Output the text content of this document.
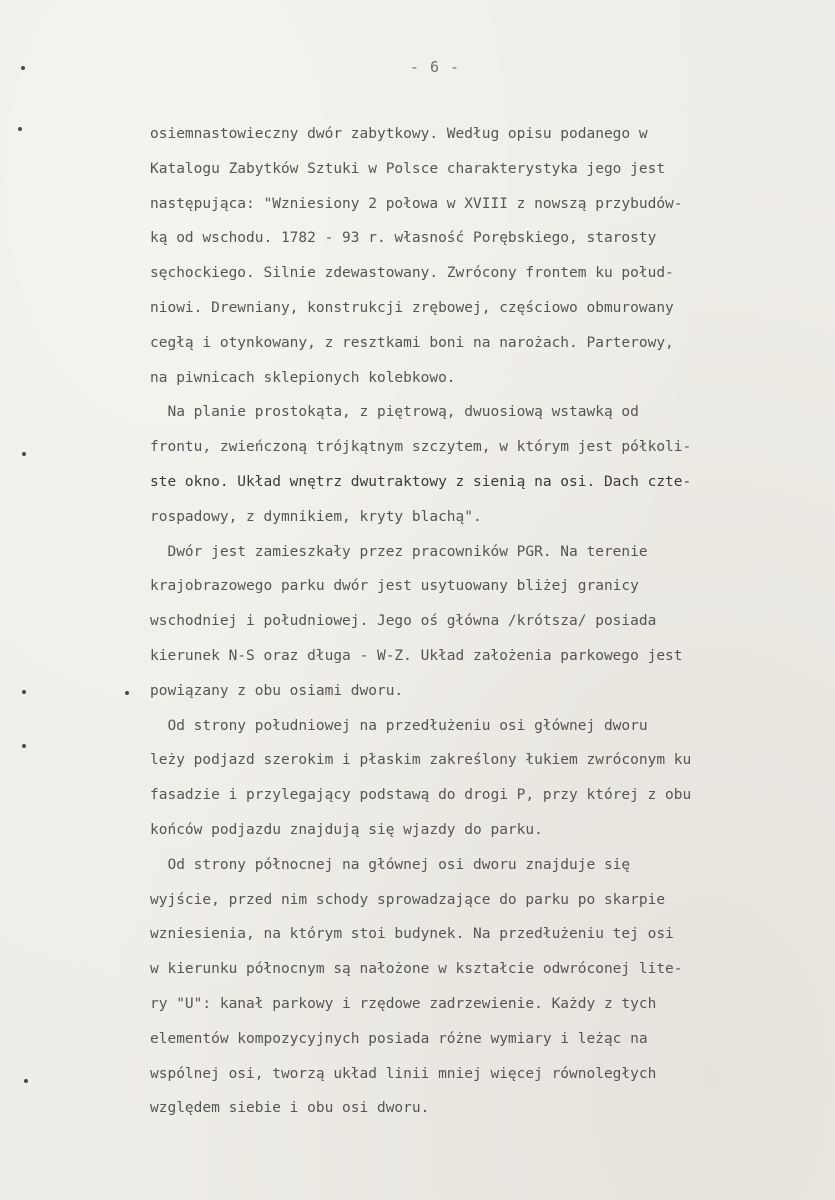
- 6 -
osiemnastowieczny dwór zabytkowy. Według opisu podanego w
Katalogu Zabytków Sztuki w Polsce charakterystyka jego jest
następująca: "Wzniesiony 2 połowa w XVIII z nowszą przybudów-
ką od wschodu. 1782 - 93 r. własność Porębskiego, starosty
sęchockiego. Silnie zdewastowany. Zwrócony frontem ku połud-
niowi. Drewniany, konstrukcji zrębowej, częściowo obmurowany
cegłą i otynkowany, z resztkami boni na narożach. Parterowy,
na piwnicach sklepionych kolebkowo.
Na planie prostokąta, z piętrową, dwuosiową wstawką od
frontu, zwieńczoną trójkątnym szczytem, w którym jest półkoli-
ste okno. Układ wnętrz dwutraktowy z sienią na osi. Dach czte-
rospadowy, z dymnikiem, kryty blachą".
Dwór jest zamieszkały przez pracowników PGR. Na terenie
krajobrazowego parku dwór jest usytuowany bliżej granicy
wschodniej i południowej. Jego oś główna /krótsza/ posiada
kierunek N-S oraz długa - W-Z. Układ założenia parkowego jest
powiązany z obu osiami dworu.
Od strony południowej na przedłużeniu osi głównej dworu
leży podjazd szerokim i płaskim zakreślony łukiem zwróconym ku
fasadzie i przylegający podstawą do drogi P, przy której z obu
końców podjazdu znajdują się wjazdy do parku.
Od strony północnej na głównej osi dworu znajduje się
wyjście, przed nim schody sprowadzające do parku po skarpie
wzniesienia, na którym stoi budynek. Na przedłużeniu tej osi
w kierunku północnym są nałożone w kształcie odwróconej lite-
ry "U": kanał parkowy i rzędowe zadrzewienie. Każdy z tych
elementów kompozycyjnych posiada różne wymiary i leżąc na
wspólnej osi, tworzą układ linii mniej więcej równoległych
względem siebie i obu osi dworu.
